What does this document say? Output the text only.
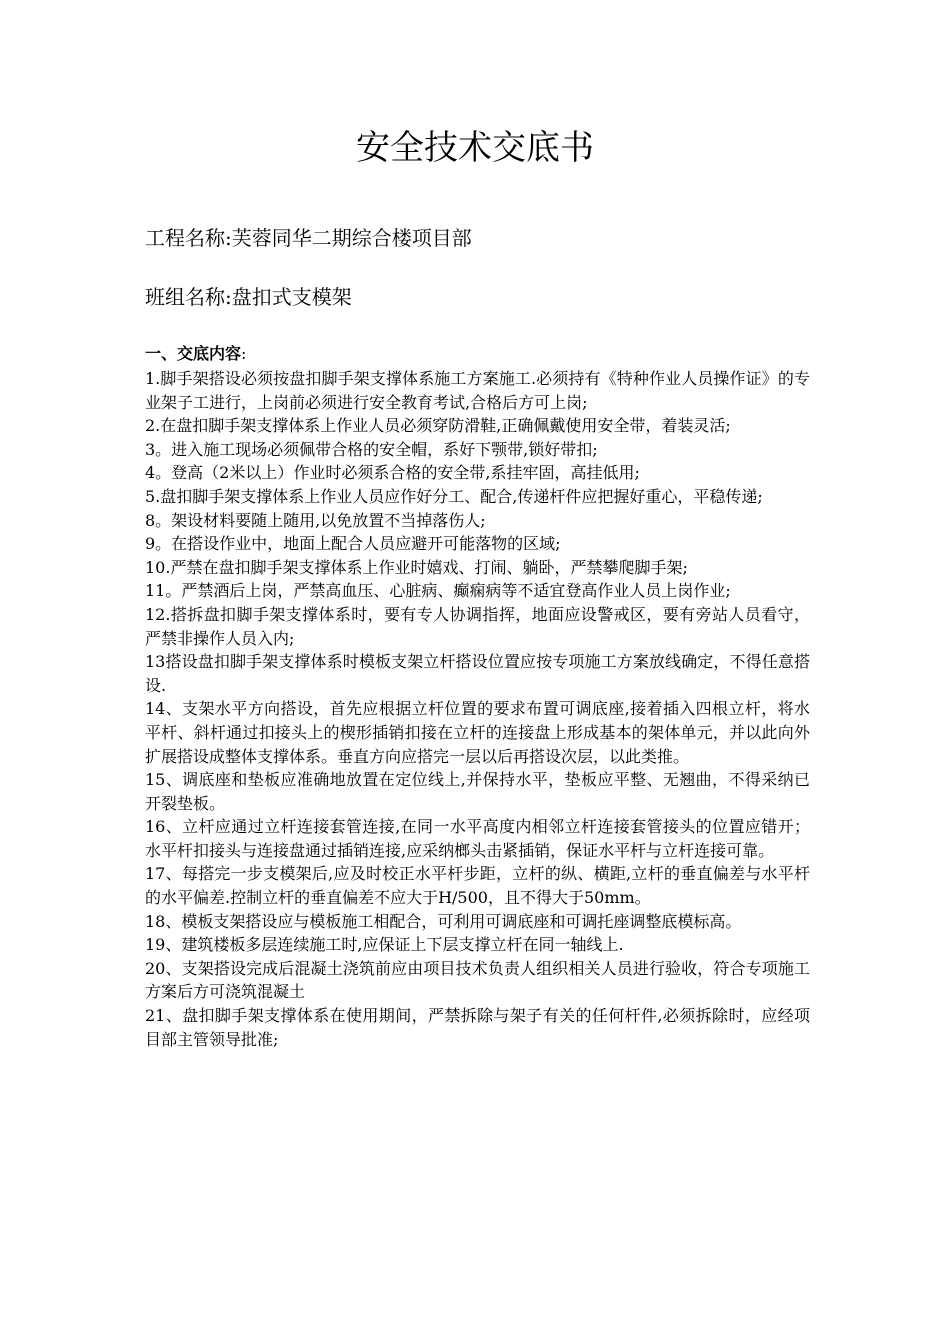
安全技术交底书
工程名称:芙蓉同华二期综合楼项目部
班组名称:盘扣式支模架
一、交底内容:
1.脚手架搭设必须按盘扣脚手架支撑体系施工方案施工.必须持有《特种作业人员操作证》的专业架子工进行，上岗前必须进行安全教育考试,合格后方可上岗;
2.在盘扣脚手架支撑体系上作业人员必须穿防滑鞋,正确佩戴使用安全带，着装灵活;
3。进入施工现场必须佩带合格的安全帽，系好下颚带,锁好带扣;
4。登高（2米以上）作业时必须系合格的安全带,系挂牢固，高挂低用;
5.盘扣脚手架支撑体系上作业人员应作好分工、配合,传递杆件应把握好重心，平稳传递;
8。架设材料要随上随用,以免放置不当掉落伤人;
9。在搭设作业中，地面上配合人员应避开可能落物的区域;
10.严禁在盘扣脚手架支撑体系上作业时嬉戏、打闹、躺卧，严禁攀爬脚手架;
11。严禁酒后上岗，严禁高血压、心脏病、癫痫病等不适宜登高作业人员上岗作业;
12.搭拆盘扣脚手架支撑体系时，要有专人协调指挥，地面应设警戒区，要有旁站人员看守，严禁非操作人员入内;
13搭设盘扣脚手架支撑体系时模板支架立杆搭设位置应按专项施工方案放线确定，不得任意搭设.
14、支架水平方向搭设，首先应根据立杆位置的要求布置可调底座,接着插入四根立杆，将水平杆、斜杆通过扣接头上的楔形插销扣接在立杆的连接盘上形成基本的架体单元，并以此向外扩展搭设成整体支撑体系。垂直方向应搭完一层以后再搭设次层，以此类推。
15、调底座和垫板应准确地放置在定位线上,并保持水平，垫板应平整、无翘曲，不得采纳已开裂垫板。
16、立杆应通过立杆连接套管连接,在同一水平高度内相邻立杆连接套管接头的位置应错开；水平杆扣接头与连接盘通过插销连接,应采纳榔头击紧插销，保证水平杆与立杆连接可靠。
17、每搭完一步支模架后,应及时校正水平杆步距，立杆的纵、横距,立杆的垂直偏差与水平杆的水平偏差.控制立杆的垂直偏差不应大于H/500，且不得大于50mm。
18、模板支架搭设应与模板施工相配合，可利用可调底座和可调托座调整底模标高。
19、建筑楼板多层连续施工时,应保证上下层支撑立杆在同一轴线上.
20、支架搭设完成后混凝土浇筑前应由项目技术负责人组织相关人员进行验收，符合专项施工方案后方可浇筑混凝土
21、盘扣脚手架支撑体系在使用期间，严禁拆除与架子有关的任何杆件,必须拆除时，应经项目部主管领导批准;
